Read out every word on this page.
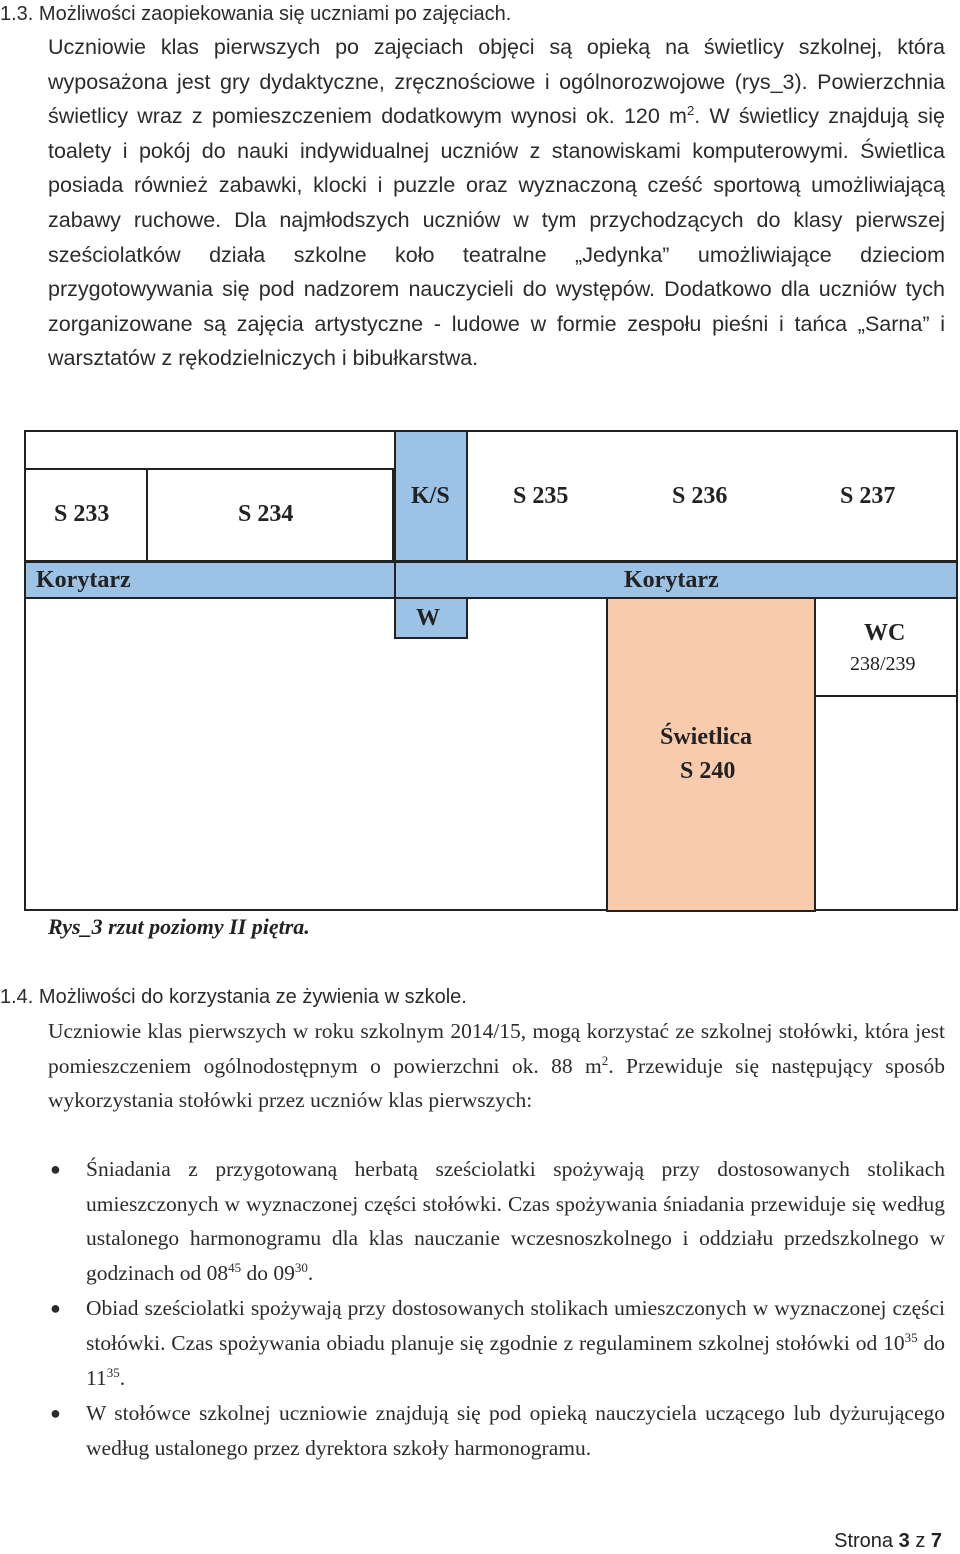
1.3. Możliwości zaopiekowania się uczniami po zajęciach.

Uczniowie klas pierwszych po zajęciach objęci są opieką na świetlicy szkolnej, która wyposażona jest gry dydaktyczne, zręcznościowe i ogólnorozwojowe (rys_3). Powierzchnia świetlicy wraz z pomieszczeniem dodatkowym wynosi ok. 120 $m^2$. W świetlicy znajdują się toalety i pokój do nauki indywidualnej uczniów z stanowiskami komputerowymi. Świetlica posiada również zabawki, klocki i puzzle oraz wyznaczoną cześć sportową umożliwiającą zabawy ruchowe. Dla najmłodszych uczniów w tym przychodzących do klasy pierwszej sześciolatków działa szkolne koło teatralne „Jedynka” umożliwiające dzieciom przygotowywania się pod nadzorem nauczycieli do występów. Dodatkowo dla uczniów tych zorganizowane są zajęcia artystyczne - ludowe w formie zespołu pieśni i tańca „Sarna” i warsztatów z rękodzielniczych i bibułkarstwa.

S 233	S 234
K/S	S 235	S 236	S 237
Korytarz	Korytarz
W
WC
238/239
Świetlica
S 240
Rys_3 rzut poziomy II piętra.
1.4. Możliwości do korzystania ze żywienia w szkole.

Uczniowie klas pierwszych w roku szkolnym 2014/15, mogą korzystać ze szkolnej stołówki, która jest pomieszczeniem ogólnodostępnym o powierzchni ok. 88 $m^2$. Przewiduje się następujący sposób wykorzystania stołówki przez uczniów klas pierwszych:

● Śniadania z przygotowaną herbatą sześciolatki spożywają przy dostosowanych stolikach umieszczonych w wyznaczonej części stołówki. Czas spożywania śniadania przewiduje się według ustalonego harmonogramu dla klas nauczanie wczesnoszkolnego i oddziału przedszkolnego w godzinach od $08^{45}$ do $09^{30}$.
● Obiad sześciolatki spożywają przy dostosowanych stolikach umieszczonych w wyznaczonej części stołówki. Czas spożywania obiadu planuje się zgodnie z regulaminem szkolnej stołówki od $10^{35}$ do $11^{35}$.
● W stołówce szkolnej uczniowie znajdują się pod opieką nauczyciela uczącego lub dyżurującego według ustalonego przez dyrektora szkoły harmonogramu.
Strona 3 z 7
